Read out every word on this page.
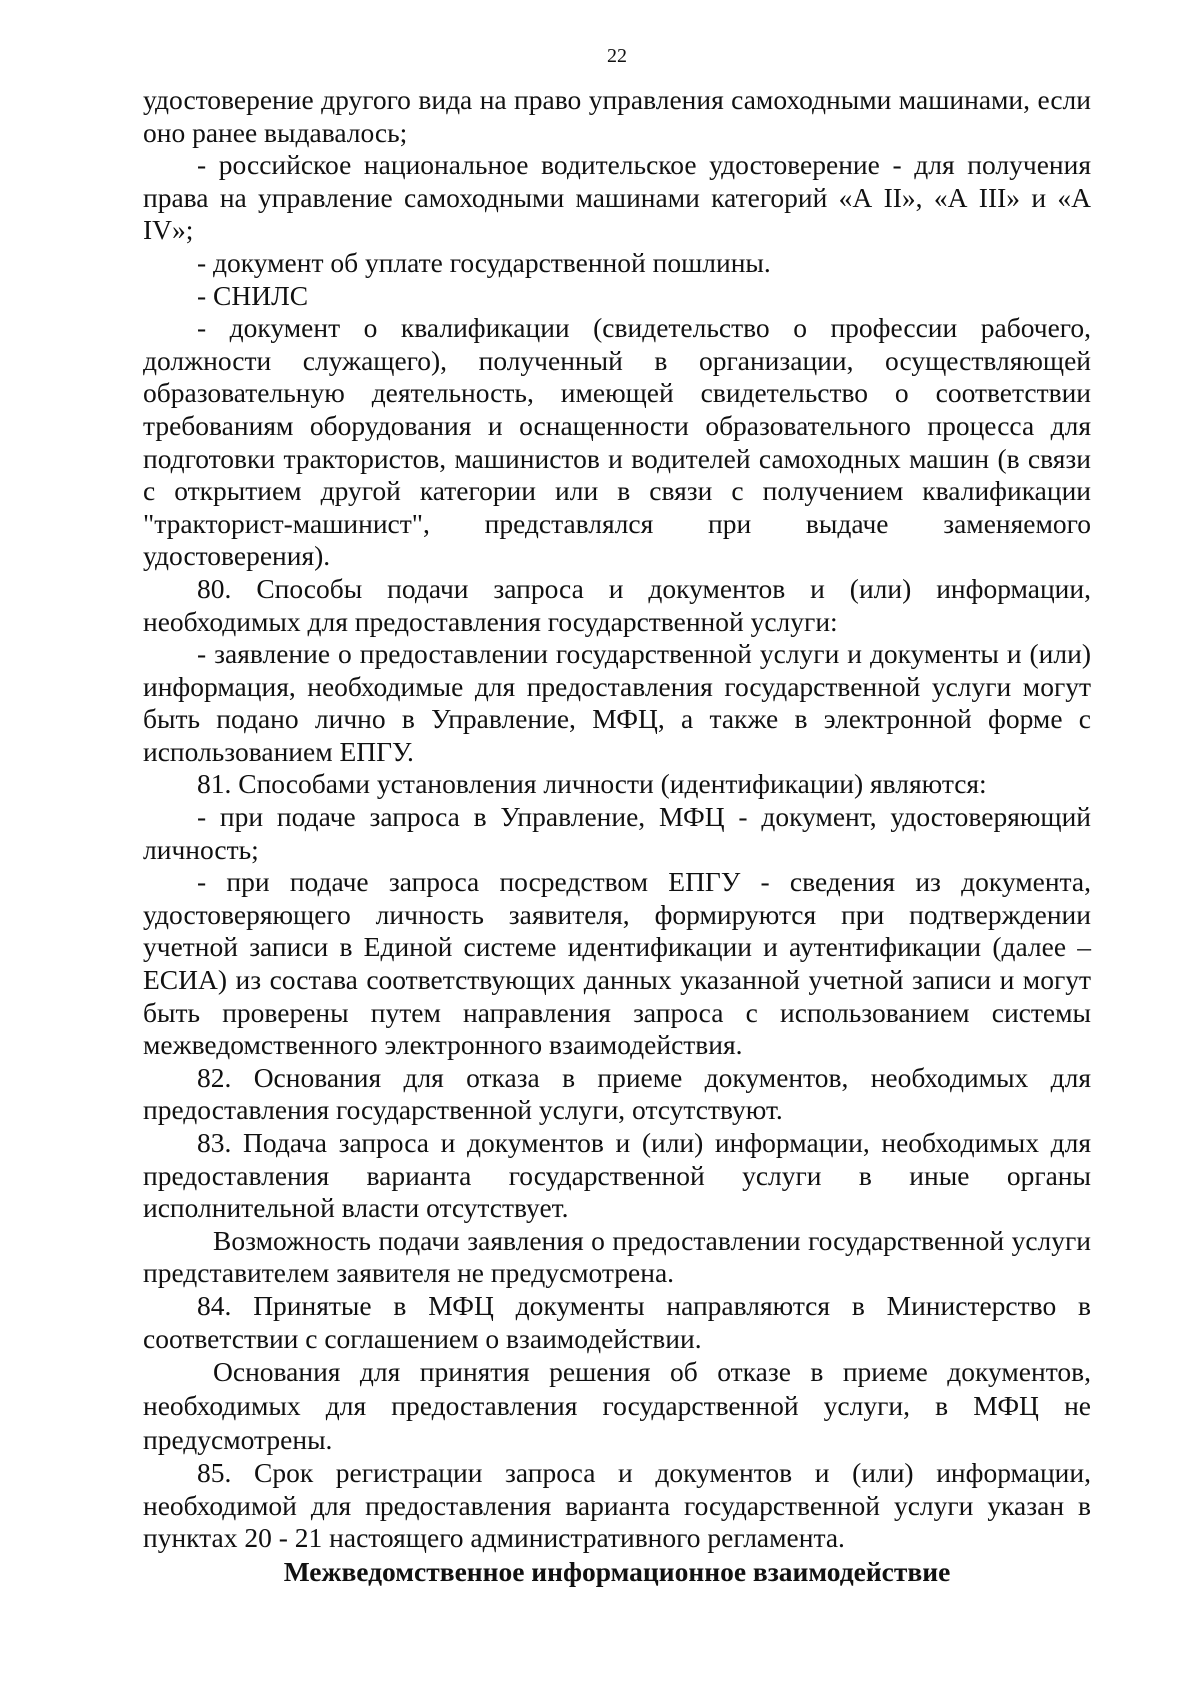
22

удостоверение другого вида на право управления самоходными машинами, если оно ранее выдавалось;

- российское национальное водительское удостоверение - для получения права на управление самоходными машинами категорий «А II», «А III» и «А IV»;

- документ об уплате государственной пошлины.

- СНИЛС

- документ о квалификации (свидетельство о профессии рабочего, должности служащего), полученный в организации, осуществляющей образовательную деятельность, имеющей свидетельство о соответствии требованиям оборудования и оснащенности образовательного процесса для подготовки трактористов, машинистов и водителей самоходных машин (в связи с открытием другой категории или в связи с получением квалификации "тракторист-машинист", представлялся при выдаче заменяемого удостоверения).

80. Способы подачи запроса и документов и (или) информации, необходимых для предоставления государственной услуги:

- заявление о предоставлении государственной услуги и документы и (или) информация, необходимые для предоставления государственной услуги могут быть подано лично в Управление, МФЦ, а также в электронной форме с использованием ЕПГУ.

81. Способами установления личности (идентификации) являются:

- при подаче запроса в Управление, МФЦ - документ, удостоверяющий личность;

- при подаче запроса посредством ЕПГУ - сведения из документа, удостоверяющего личность заявителя, формируются при подтверждении учетной записи в Единой системе идентификации и аутентификации (далее – ЕСИА) из состава соответствующих данных указанной учетной записи и могут быть проверены путем направления запроса с использованием системы межведомственного электронного взаимодействия.

82. Основания для отказа в приеме документов, необходимых для предоставления государственной услуги, отсутствуют.

83. Подача запроса и документов и (или) информации, необходимых для предоставления варианта государственной услуги в иные органы исполнительной власти отсутствует.

Возможность подачи заявления о предоставлении государственной услуги представителем заявителя не предусмотрена.

84. Принятые в МФЦ документы направляются в Министерство в соответствии с соглашением о взаимодействии.

Основания для принятия решения об отказе в приеме документов, необходимых для предоставления государственной услуги, в МФЦ не предусмотрены.

85. Срок регистрации запроса и документов и (или) информации, необходимой для предоставления варианта государственной услуги указан в пунктах 20 - 21 настоящего административного регламента.

Межведомственное информационное взаимодействие
